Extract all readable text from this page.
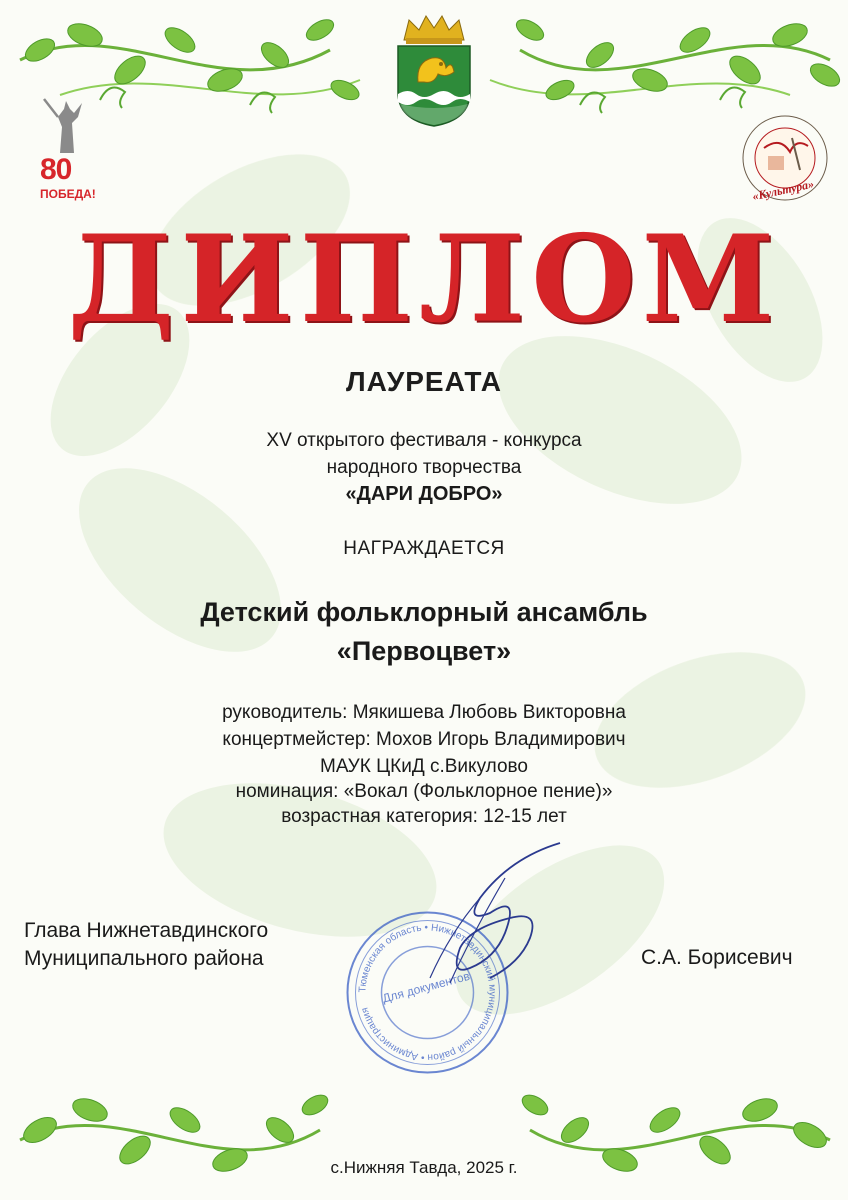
80
ПОБЕДА!	«Культура»
ДИПЛОМ
ЛАУРЕАТА
XV открытого фестиваля - конкурса
народного творчества
«ДАРИ ДОБРО»
НАГРАЖДАЕТСЯ
Детский фольклорный ансамбль
«Первоцвет»
руководитель: Мякишева Любовь Викторовна
концертмейстер: Мохов Игорь Владимирович
МАУК ЦКиД с.Викулово
номинация: «Вокал (Фольклорное пение)»
возрастная категория: 12-15 лет
Глава Нижнетавдинского
Муниципального района	С.А. Борисевич
Тюменская область • Нижнетавдинский муниципальный район • Администрация
Для документов
с.Нижняя Тавда, 2025 г.
